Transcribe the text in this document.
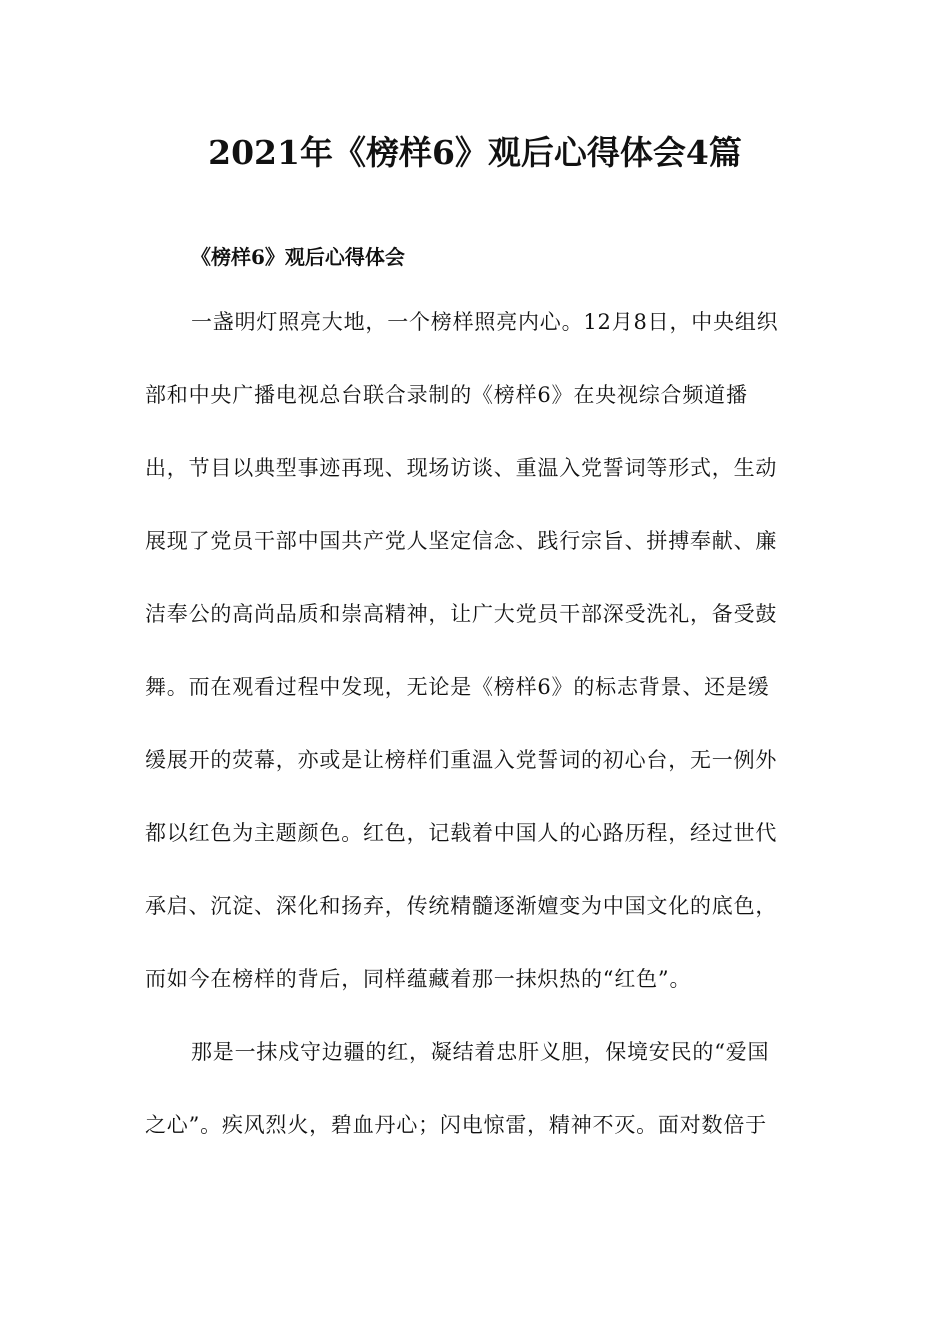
2021年《榜样6》观后心得体会4篇
《榜样6》观后心得体会
一盏明灯照亮大地，一个榜样照亮内心。12月8日，中央组织
部和中央广播电视总台联合录制的《榜样6》在央视综合频道播
出，节目以典型事迹再现、现场访谈、重温入党誓词等形式，生动
展现了党员干部中国共产党人坚定信念、践行宗旨、拼搏奉献、廉
洁奉公的高尚品质和崇高精神，让广大党员干部深受洗礼，备受鼓
舞。而在观看过程中发现，无论是《榜样6》的标志背景、还是缓
缓展开的荧幕，亦或是让榜样们重温入党誓词的初心台，无一例外
都以红色为主题颜色。红色，记载着中国人的心路历程，经过世代
承启、沉淀、深化和扬弃，传统精髓逐渐嬗变为中国文化的底色，
而如今在榜样的背后，同样蕴藏着那一抹炽热的“红色”。
那是一抹戍守边疆的红，凝结着忠肝义胆，保境安民的“爱国
之心”。疾风烈火，碧血丹心；闪电惊雷，精神不灭。面对数倍于
